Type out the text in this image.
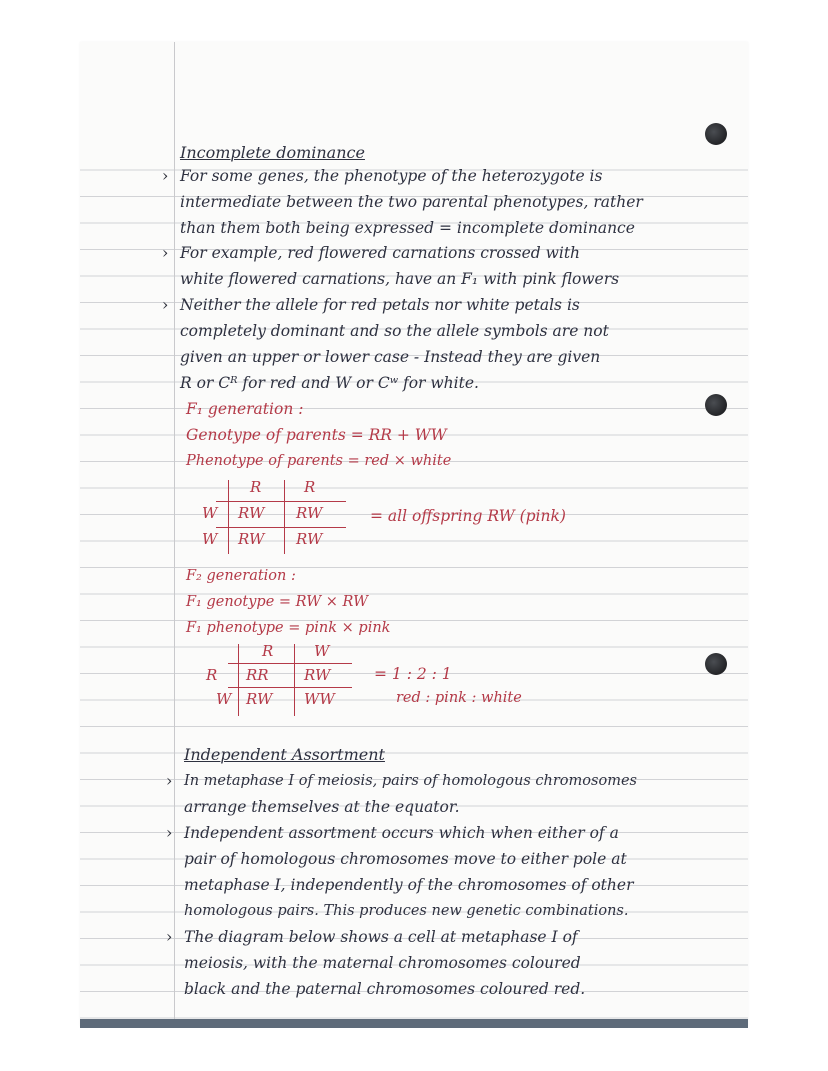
Incomplete dominance
› For some genes, the phenotype of the heterozygote is
intermediate between the two parental phenotypes, rather
than them both being expressed = incomplete dominance
› For example, red flowered carnations crossed with
white flowered carnations, have an F₁ with pink flowers
› Neither the allele for red petals nor white petals is
completely dominant and so the allele symbols are not
given an upper or lower case - Instead they are given
R or Cᴿ for red and W or Cʷ for white.
F₁ generation :
Genotype of parents = RR + WW
Phenotype of parents = red × white
R	R
W
W
RW RW
RW RW
= all offspring RW (pink)
F₂ generation :
F₁ genotype = RW × RW
F₁ phenotype = pink × pink
R	W
R
W
RR RW
RW WW
= 1 : 2 : 1
red : pink : white
Independent Assortment
› In metaphase I of meiosis, pairs of homologous chromosomes
arrange themselves at the equator.
› Independent assortment occurs which when either of a
pair of homologous chromosomes move to either pole at
metaphase I, independently of the chromosomes of other
homologous pairs. This produces new genetic combinations.
› The diagram below shows a cell at metaphase I of
meiosis, with the maternal chromosomes coloured
black and the paternal chromosomes coloured red.
